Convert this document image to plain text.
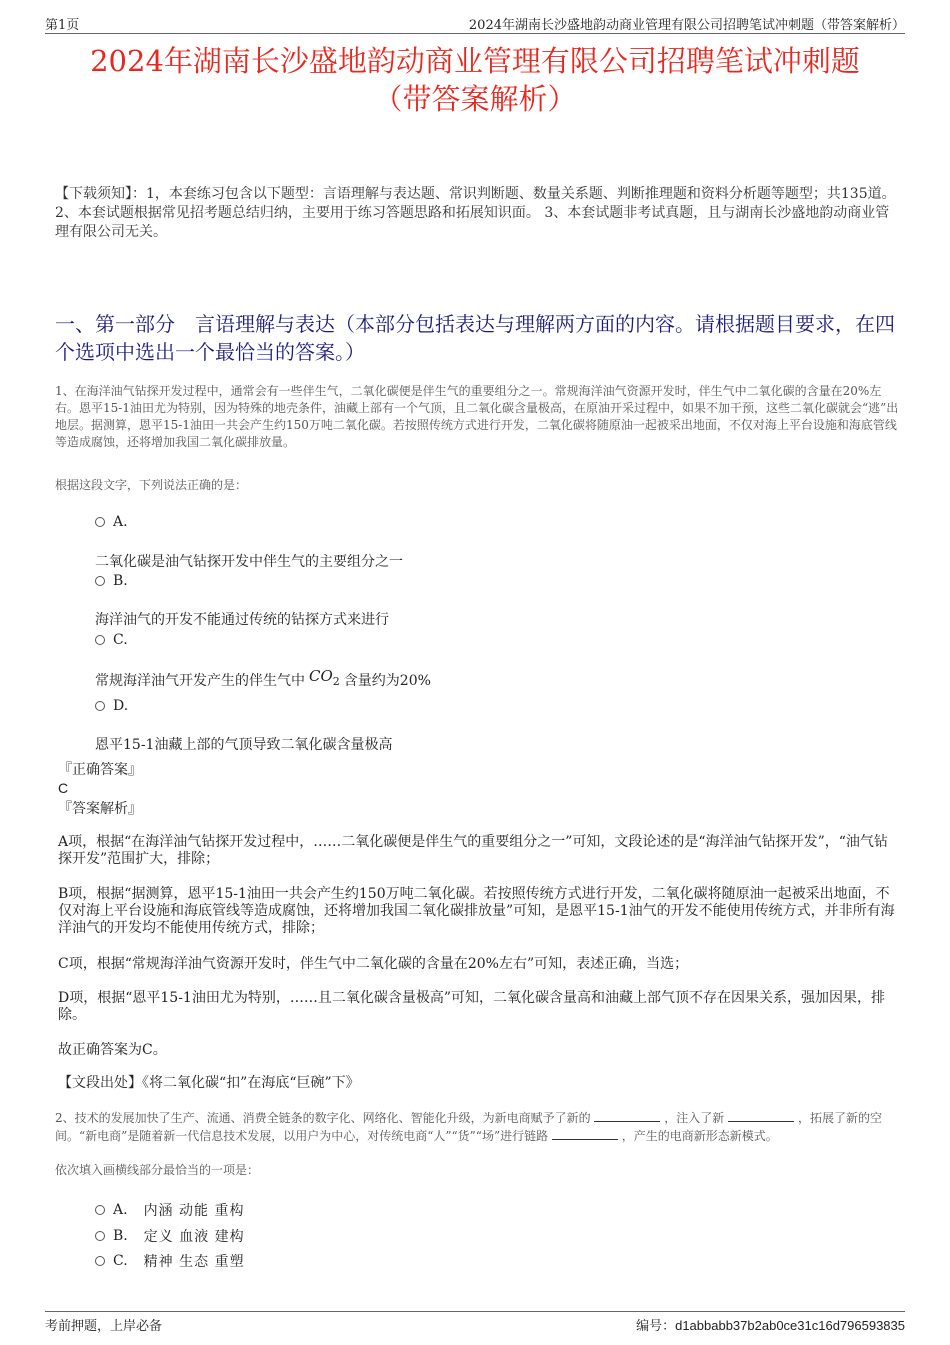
第1页	2024年湖南长沙盛地韵动商业管理有限公司招聘笔试冲刺题（带答案解析）
2024年湖南长沙盛地韵动商业管理有限公司招聘笔试冲刺题
（带答案解析）
【下载须知】：1，本套练习包含以下题型：言语理解与表达题、常识判断题、数量关系题、判断推理题和资料分析题等题型；共135道。 2、本套试题根据常见招考题总结归纳，主要用于练习答题思路和拓展知识面。 3、本套试题非考试真题，且与湖南长沙盛地韵动商业管理有限公司无关。
一、第一部分　言语理解与表达（本部分包括表达与理解两方面的内容。请根据题目要求，在四个选项中选出一个最恰当的答案。）
1、在海洋油气钻探开发过程中，通常会有一些伴生气，二氧化碳便是伴生气的重要组分之一。常规海洋油气资源开发时，伴生气中二氧化碳的含量在20%左右。恩平15-1油田尤为特别，因为特殊的地壳条件，油藏上部有一个气顶，且二氧化碳含量极高，在原油开采过程中，如果不加干预，这些二氧化碳就会“逃”出地层。据测算，恩平15-1油田一共会产生约150万吨二氧化碳。若按照传统方式进行开发，二氧化碳将随原油一起被采出地面，不仅对海上平台设施和海底管线等造成腐蚀，还将增加我国二氧化碳排放量。
根据这段文字，下列说法正确的是：
A.
二氧化碳是油气钻探开发中伴生气的主要组分之一
B.
海洋油气的开发不能通过传统的钻探方式来进行
C.
常规海洋油气开发产生的伴生气中 $CO_2$ 含量约为20%
D.
恩平15-1油藏上部的气顶导致二氧化碳含量极高
『正确答案』
C
『答案解析』
A项，根据“在海洋油气钻探开发过程中，……二氧化碳便是伴生气的重要组分之一”可知，文段论述的是“海洋油气钻探开发”，“油气钻探开发”范围扩大，排除；
B项，根据“据测算，恩平15-1油田一共会产生约150万吨二氧化碳。若按照传统方式进行开发，二氧化碳将随原油一起被采出地面，不仅对海上平台设施和海底管线等造成腐蚀，还将增加我国二氧化碳排放量”可知，是恩平15-1油气的开发不能使用传统方式，并非所有海洋油气的开发均不能使用传统方式，排除；
C项，根据“常规海洋油气资源开发时，伴生气中二氧化碳的含量在20%左右”可知，表述正确，当选；
D项，根据“恩平15-1油田尤为特别，……且二氧化碳含量极高”可知，二氧化碳含量高和油藏上部气顶不存在因果关系，强加因果，排除。
故正确答案为C。
【文段出处】《将二氧化碳“扣”在海底“巨碗”下》
2、技术的发展加快了生产、流通、消费全链条的数字化、网络化、智能化升级，为新电商赋予了新的	，注入了新	，拓展了新的空间。“新电商”是随着新一代信息技术发展，以用户为中心，对传统电商“人”“货”“场”进行链路	，产生的电商新形态新模式。
依次填入画横线部分最恰当的一项是：
A. 内涵 动能 重构
B. 定义 血液 建构
C. 精神 生态 重塑
考前押题，上岸必备	编号：d1abbabb37b2ab0ce31c16d796593835
